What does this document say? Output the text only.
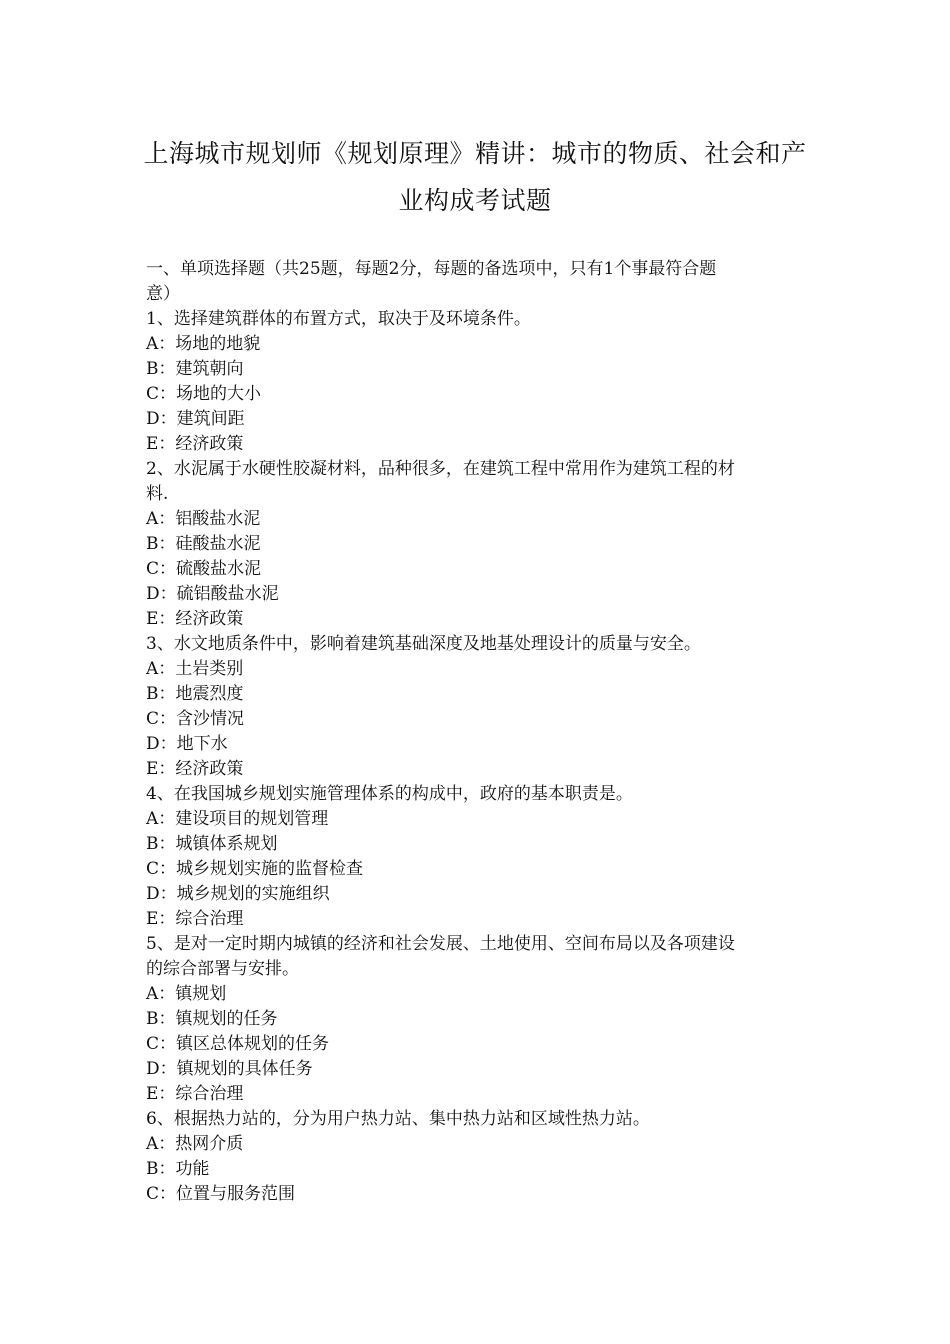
上海城市规划师《规划原理》精讲：城市的物质、社会和产
业构成考试题
一、单项选择题（共25题，每题2分，每题的备选项中，只有1个事最符合题
意）
1、选择建筑群体的布置方式，取决于及环境条件。
A：场地的地貌
B：建筑朝向
C：场地的大小
D：建筑间距
E：经济政策
2、水泥属于水硬性胶凝材料，品种很多，在建筑工程中常用作为建筑工程的材
料.
A：铝酸盐水泥
B：硅酸盐水泥
C：硫酸盐水泥
D：硫铝酸盐水泥
E：经济政策
3、水文地质条件中，影响着建筑基础深度及地基处理设计的质量与安全。
A：土岩类别
B：地震烈度
C：含沙情况
D：地下水
E：经济政策
4、在我国城乡规划实施管理体系的构成中，政府的基本职责是。
A：建设项目的规划管理
B：城镇体系规划
C：城乡规划实施的监督检查
D：城乡规划的实施组织
E：综合治理
5、是对一定时期内城镇的经济和社会发展、土地使用、空间布局以及各项建设
的综合部署与安排。
A：镇规划
B：镇规划的任务
C：镇区总体规划的任务
D：镇规划的具体任务
E：综合治理
6、根据热力站的，分为用户热力站、集中热力站和区域性热力站。
A：热网介质
B：功能
C：位置与服务范围
